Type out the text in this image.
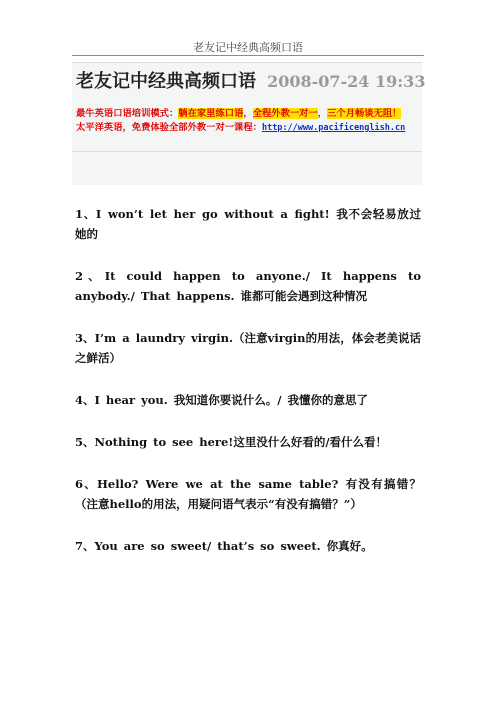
老友记中经典高频口语
老友记中经典高频口语 2008-07-24 19:33
最牛英语口语培训模式：躺在家里练口语，全程外教一对一，三个月畅谈无阻！
太平洋英语，免费体验全部外教一对一课程：http://www.pacificenglish.cn

1、I won’t let her go without a fight! 我不会轻易放过她的

2、It could happen to anyone./ It happens to anybody./ That happens. 谁都可能会遇到这种情况

3、I’m a laundry virgin.（注意virgin的用法，体会老美说话之鲜活）

4、I hear you. 我知道你要说什么。/ 我懂你的意思了

5、Nothing to see here!这里没什么好看的/看什么看！

6、Hello? Were we at the same table? 有没有搞错？（注意hello的用法，用疑问语气表示“有没有搞错？”）

7、You are so sweet/ that’s so sweet. 你真好。
